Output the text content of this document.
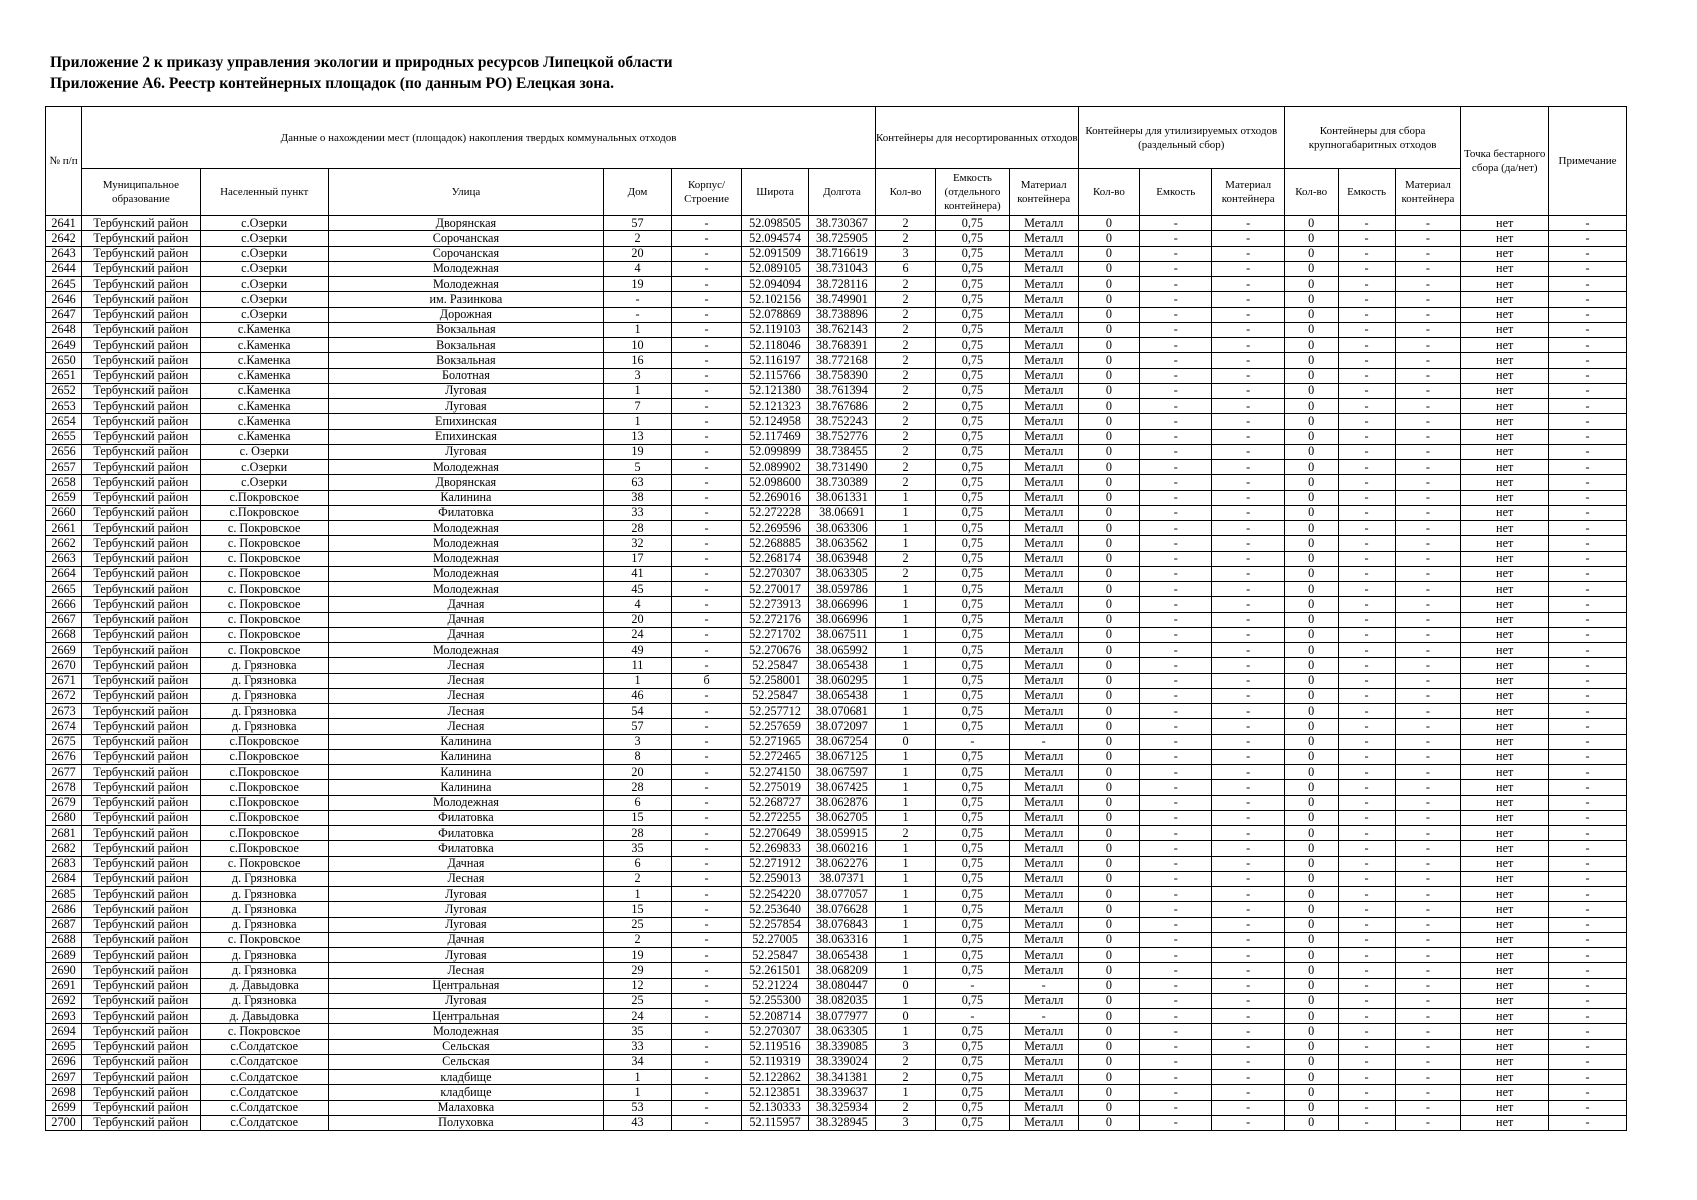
Приложение 2 к приказу управления экологии и природных ресурсов Липецкой области
Приложение А6. Реестр контейнерных площадок (по данным РО) Елецкая зона.
№ п/п	Данные о нахождении мест (площадок) накопления твердых коммунальных отходов							Контейнеры для несортированных отходов			Контейнеры для утилизируемых отходов (раздельный сбор)			Контейнеры для сбора крупногабаритных отходов			Точка бестарного сбора (да/нет)	Примечание
	Муниципальное образование	Населенный пункт	Улица	Дом	Корпус/ Строение	Широта	Долгота	Кол-во	Емкость (отдельного контейнера)	Материал контейнера	Кол-во	Емкость	Материал контейнера	Кол-во	Емкость	Материал контейнера		
2641	Тербунский район	с.Озерки	Дворянская	57	-	52.098505	38.730367	2	0,75	Металл	0	-	-	0	-	-	нет	-
2642	Тербунский район	с.Озерки	Сорочанская	2	-	52.094574	38.725905	2	0,75	Металл	0	-	-	0	-	-	нет	-
2643	Тербунский район	с.Озерки	Сорочанская	20	-	52.091509	38.716619	3	0,75	Металл	0	-	-	0	-	-	нет	-
2644	Тербунский район	с.Озерки	Молодежная	4	-	52.089105	38.731043	6	0,75	Металл	0	-	-	0	-	-	нет	-
2645	Тербунский район	с.Озерки	Молодежная	19	-	52.094094	38.728116	2	0,75	Металл	0	-	-	0	-	-	нет	-
2646	Тербунский район	с.Озерки	им. Разинкова	-	-	52.102156	38.749901	2	0,75	Металл	0	-	-	0	-	-	нет	-
2647	Тербунский район	с.Озерки	Дорожная	-	-	52.078869	38.738896	2	0,75	Металл	0	-	-	0	-	-	нет	-
2648	Тербунский район	с.Каменка	Вокзальная	1	-	52.119103	38.762143	2	0,75	Металл	0	-	-	0	-	-	нет	-
2649	Тербунский район	с.Каменка	Вокзальная	10	-	52.118046	38.768391	2	0,75	Металл	0	-	-	0	-	-	нет	-
2650	Тербунский район	с.Каменка	Вокзальная	16	-	52.116197	38.772168	2	0,75	Металл	0	-	-	0	-	-	нет	-
2651	Тербунский район	с.Каменка	Болотная	3	-	52.115766	38.758390	2	0,75	Металл	0	-	-	0	-	-	нет	-
2652	Тербунский район	с.Каменка	Луговая	1	-	52.121380	38.761394	2	0,75	Металл	0	-	-	0	-	-	нет	-
2653	Тербунский район	с.Каменка	Луговая	7	-	52.121323	38.767686	2	0,75	Металл	0	-	-	0	-	-	нет	-
2654	Тербунский район	с.Каменка	Епихинская	1	-	52.124958	38.752243	2	0,75	Металл	0	-	-	0	-	-	нет	-
2655	Тербунский район	с.Каменка	Епихинская	13	-	52.117469	38.752776	2	0,75	Металл	0	-	-	0	-	-	нет	-
2656	Тербунский район	с. Озерки	Луговая	19	-	52.099899	38.738455	2	0,75	Металл	0	-	-	0	-	-	нет	-
2657	Тербунский район	с.Озерки	Молодежная	5	-	52.089902	38.731490	2	0,75	Металл	0	-	-	0	-	-	нет	-
2658	Тербунский район	с.Озерки	Дворянская	63	-	52.098600	38.730389	2	0,75	Металл	0	-	-	0	-	-	нет	-
2659	Тербунский район	с.Покровское	Калинина	38	-	52.269016	38.061331	1	0,75	Металл	0	-	-	0	-	-	нет	-
2660	Тербунский район	с.Покровское	Филатовка	33	-	52.272228	38.06691	1	0,75	Металл	0	-	-	0	-	-	нет	-
2661	Тербунский район	с. Покровское	Молодежная	28	-	52.269596	38.063306	1	0,75	Металл	0	-	-	0	-	-	нет	-
2662	Тербунский район	с. Покровское	Молодежная	32	-	52.268885	38.063562	1	0,75	Металл	0	-	-	0	-	-	нет	-
2663	Тербунский район	с. Покровское	Молодежная	17	-	52.268174	38.063948	2	0,75	Металл	0	-	-	0	-	-	нет	-
2664	Тербунский район	с. Покровское	Молодежная	41	-	52.270307	38.063305	2	0,75	Металл	0	-	-	0	-	-	нет	-
2665	Тербунский район	с. Покровское	Молодежная	45	-	52.270017	38.059786	1	0,75	Металл	0	-	-	0	-	-	нет	-
2666	Тербунский район	с. Покровское	Дачная	4	-	52.273913	38.066996	1	0,75	Металл	0	-	-	0	-	-	нет	-
2667	Тербунский район	с. Покровское	Дачная	20	-	52.272176	38.066996	1	0,75	Металл	0	-	-	0	-	-	нет	-
2668	Тербунский район	с. Покровское	Дачная	24	-	52.271702	38.067511	1	0,75	Металл	0	-	-	0	-	-	нет	-
2669	Тербунский район	с. Покровское	Молодежная	49	-	52.270676	38.065992	1	0,75	Металл	0	-	-	0	-	-	нет	-
2670	Тербунский район	д. Грязновка	Лесная	11	-	52.25847	38.065438	1	0,75	Металл	0	-	-	0	-	-	нет	-
2671	Тербунский район	д. Грязновка	Лесная	1	б	52.258001	38.060295	1	0,75	Металл	0	-	-	0	-	-	нет	-
2672	Тербунский район	д. Грязновка	Лесная	46	-	52.25847	38.065438	1	0,75	Металл	0	-	-	0	-	-	нет	-
2673	Тербунский район	д. Грязновка	Лесная	54	-	52.257712	38.070681	1	0,75	Металл	0	-	-	0	-	-	нет	-
2674	Тербунский район	д. Грязновка	Лесная	57	-	52.257659	38.072097	1	0,75	Металл	0	-	-	0	-	-	нет	-
2675	Тербунский район	с.Покровское	Калинина	3	-	52.271965	38.067254	0	-	-	0	-	-	0	-	-	нет	-
2676	Тербунский район	с.Покровское	Калинина	8	-	52.272465	38.067125	1	0,75	Металл	0	-	-	0	-	-	нет	-
2677	Тербунский район	с.Покровское	Калинина	20	-	52.274150	38.067597	1	0,75	Металл	0	-	-	0	-	-	нет	-
2678	Тербунский район	с.Покровское	Калинина	28	-	52.275019	38.067425	1	0,75	Металл	0	-	-	0	-	-	нет	-
2679	Тербунский район	с.Покровское	Молодежная	6	-	52.268727	38.062876	1	0,75	Металл	0	-	-	0	-	-	нет	-
2680	Тербунский район	с.Покровское	Филатовка	15	-	52.272255	38.062705	1	0,75	Металл	0	-	-	0	-	-	нет	-
2681	Тербунский район	с.Покровское	Филатовка	28	-	52.270649	38.059915	2	0,75	Металл	0	-	-	0	-	-	нет	-
2682	Тербунский район	с.Покровское	Филатовка	35	-	52.269833	38.060216	1	0,75	Металл	0	-	-	0	-	-	нет	-
2683	Тербунский район	с. Покровское	Дачная	6	-	52.271912	38.062276	1	0,75	Металл	0	-	-	0	-	-	нет	-
2684	Тербунский район	д. Грязновка	Лесная	2	-	52.259013	38.07371	1	0,75	Металл	0	-	-	0	-	-	нет	-
2685	Тербунский район	д. Грязновка	Луговая	1	-	52.254220	38.077057	1	0,75	Металл	0	-	-	0	-	-	нет	-
2686	Тербунский район	д. Грязновка	Луговая	15	-	52.253640	38.076628	1	0,75	Металл	0	-	-	0	-	-	нет	-
2687	Тербунский район	д. Грязновка	Луговая	25	-	52.257854	38.076843	1	0,75	Металл	0	-	-	0	-	-	нет	-
2688	Тербунский район	с. Покровское	Дачная	2	-	52.27005	38.063316	1	0,75	Металл	0	-	-	0	-	-	нет	-
2689	Тербунский район	д. Грязновка	Луговая	19	-	52.25847	38.065438	1	0,75	Металл	0	-	-	0	-	-	нет	-
2690	Тербунский район	д. Грязновка	Лесная	29	-	52.261501	38.068209	1	0,75	Металл	0	-	-	0	-	-	нет	-
2691	Тербунский район	д. Давыдовка	Центральная	12	-	52.21224	38.080447	0	-	-	0	-	-	0	-	-	нет	-
2692	Тербунский район	д. Грязновка	Луговая	25	-	52.255300	38.082035	1	0,75	Металл	0	-	-	0	-	-	нет	-
2693	Тербунский район	д. Давыдовка	Центральная	24	-	52.208714	38.077977	0	-	-	0	-	-	0	-	-	нет	-
2694	Тербунский район	с. Покровское	Молодежная	35	-	52.270307	38.063305	1	0,75	Металл	0	-	-	0	-	-	нет	-
2695	Тербунский район	с.Солдатское	Сельская	33	-	52.119516	38.339085	3	0,75	Металл	0	-	-	0	-	-	нет	-
2696	Тербунский район	с.Солдатское	Сельская	34	-	52.119319	38.339024	2	0,75	Металл	0	-	-	0	-	-	нет	-
2697	Тербунский район	с.Солдатское	кладбище	1	-	52.122862	38.341381	2	0,75	Металл	0	-	-	0	-	-	нет	-
2698	Тербунский район	с.Солдатское	кладбище	1	-	52.123851	38.339637	1	0,75	Металл	0	-	-	0	-	-	нет	-
2699	Тербунский район	с.Солдатское	Малаховка	53	-	52.130333	38.325934	2	0,75	Металл	0	-	-	0	-	-	нет	-
2700	Тербунский район	с.Солдатское	Полуховка	43	-	52.115957	38.328945	3	0,75	Металл	0	-	-	0	-	-	нет	-
